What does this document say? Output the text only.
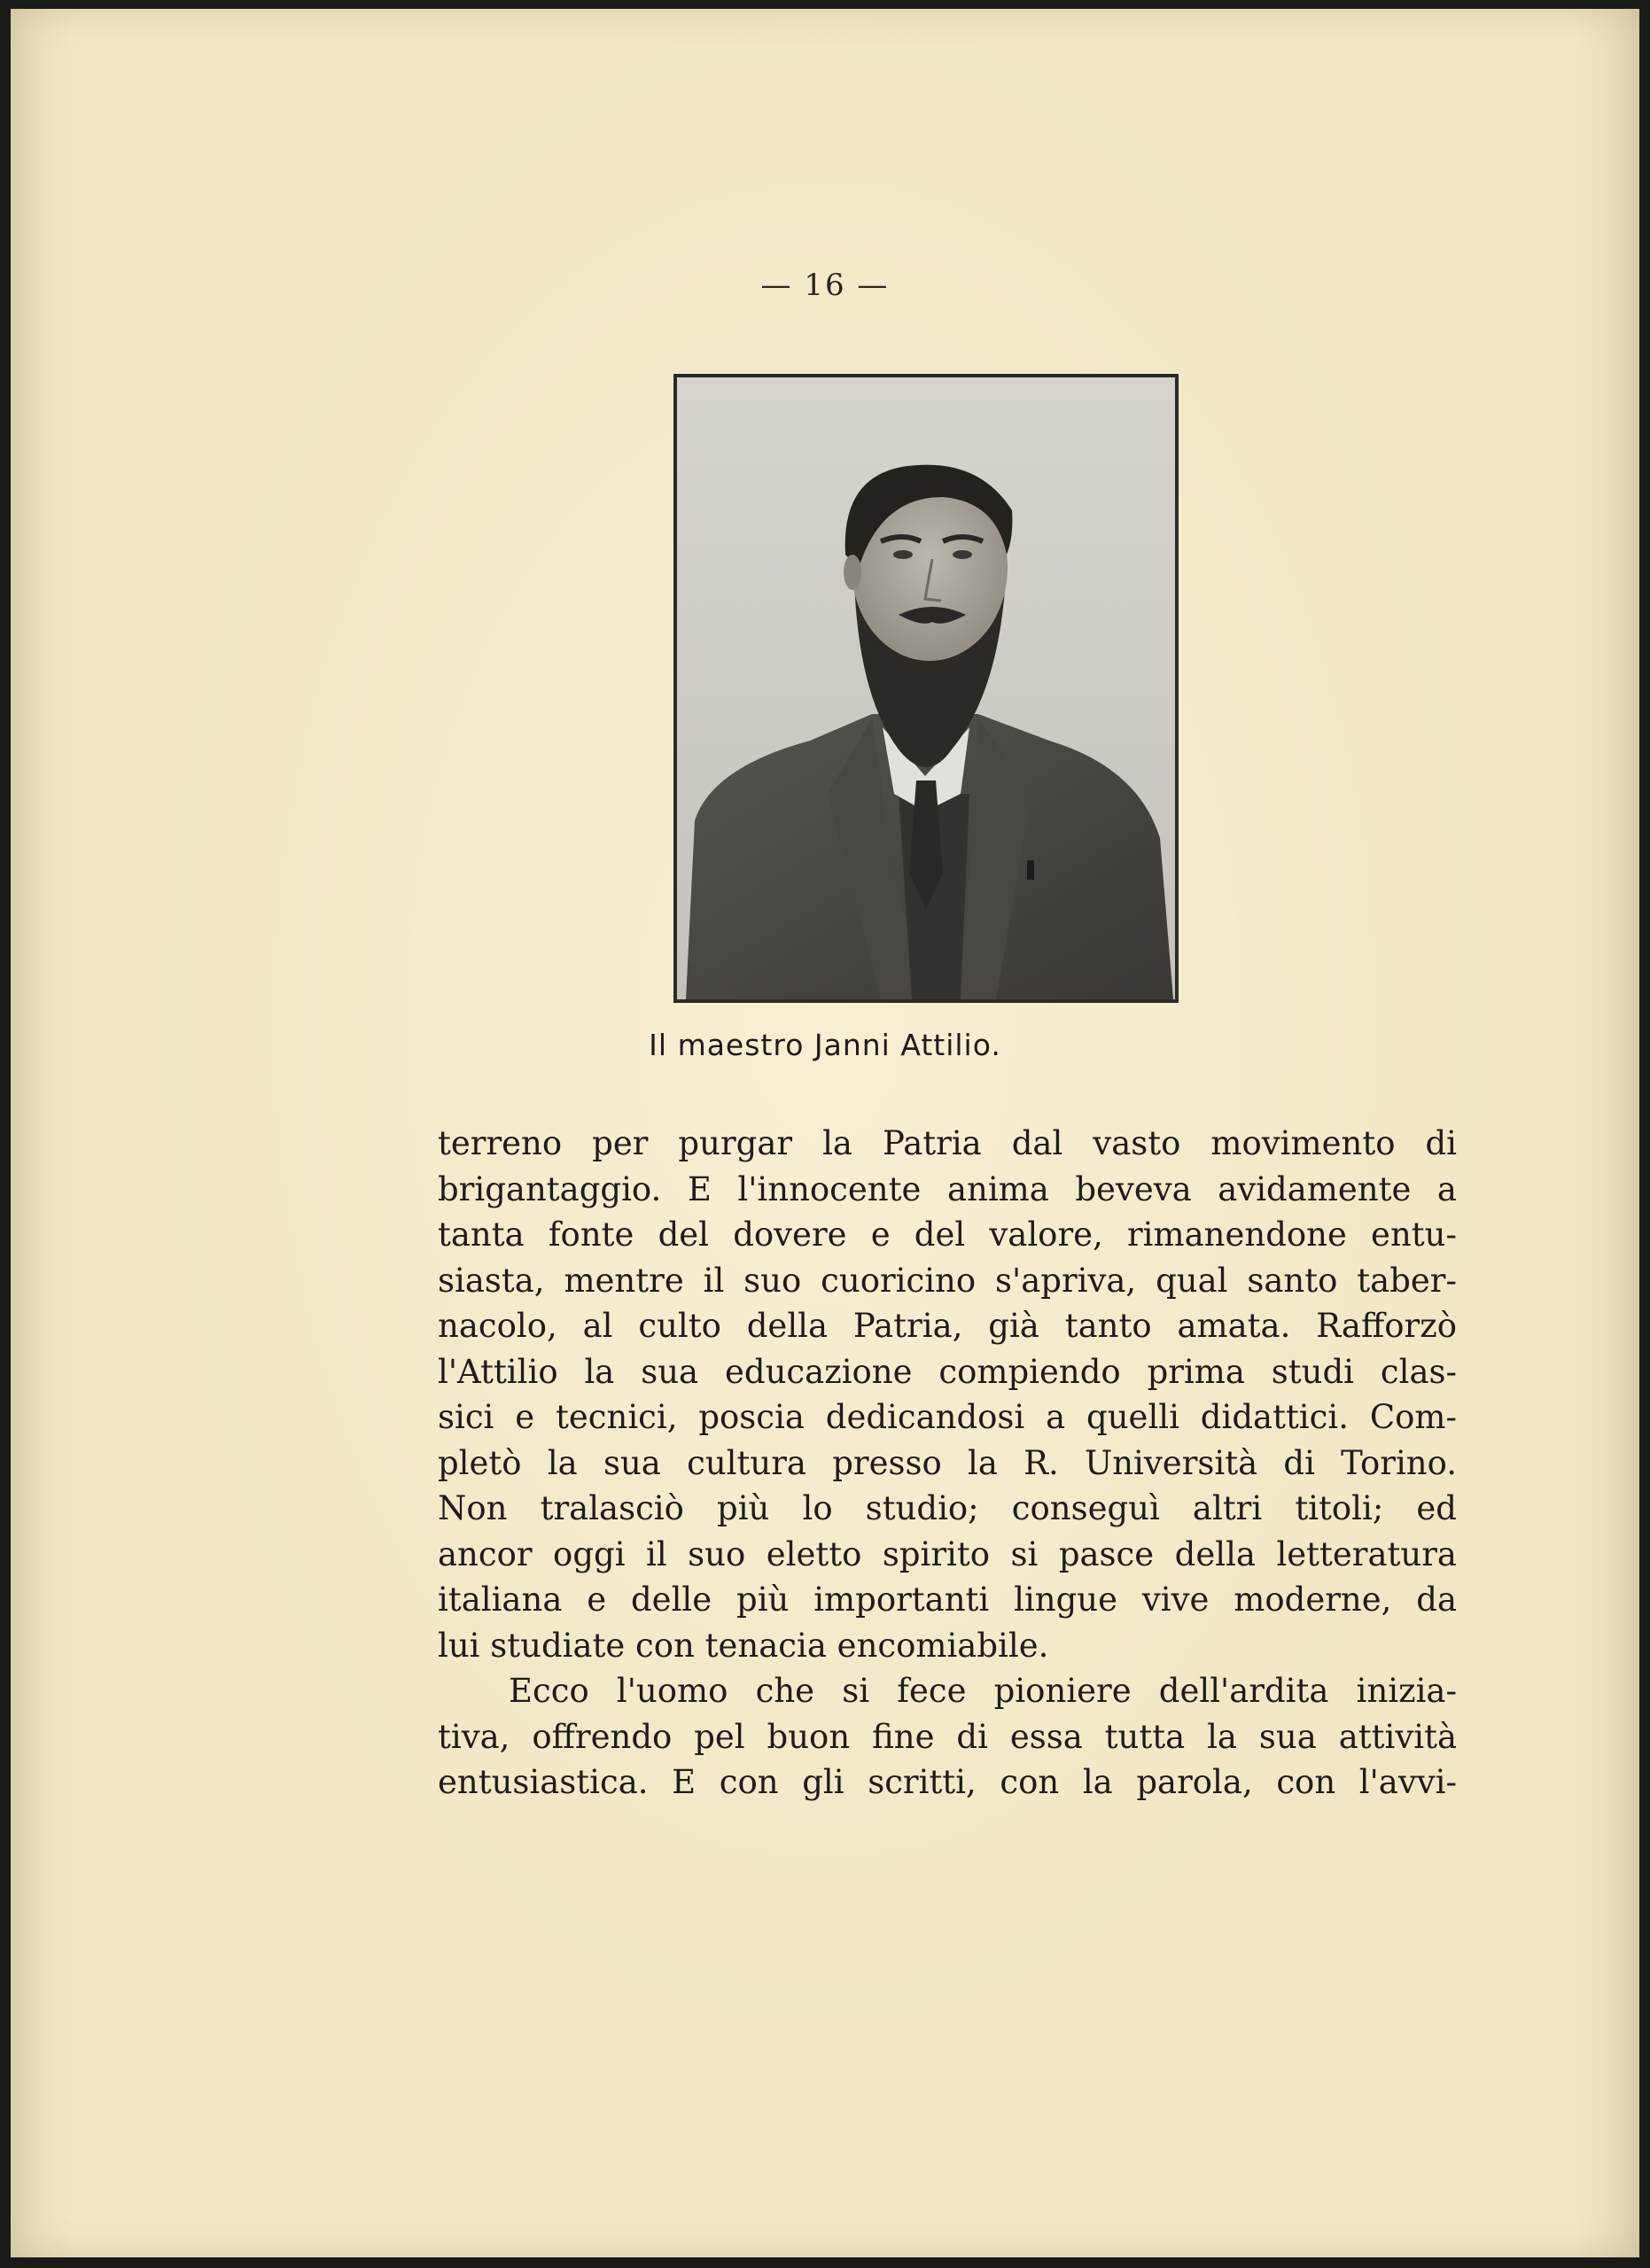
— 16 —
Il maestro Janni Attilio.
terreno per purgar la Patria dal vasto movimento di
brigantaggio. E l'innocente anima beveva avidamente a
tanta fonte del dovere e del valore, rimanendone entu-
siasta, mentre il suo cuoricino s'apriva, qual santo taber-
nacolo, al culto della Patria, già tanto amata. Rafforzò
l'Attilio la sua educazione compiendo prima studi clas-
sici e tecnici, poscia dedicandosi a quelli didattici. Com-
pletò la sua cultura presso la R. Università di Torino.
Non tralasciò più lo studio; conseguì altri titoli; ed
ancor oggi il suo eletto spirito si pasce della letteratura
italiana e delle più importanti lingue vive moderne, da
lui studiate con tenacia encomiabile.
Ecco l'uomo che si fece pioniere dell'ardita inizia-
tiva, offrendo pel buon fine di essa tutta la sua attività
entusiastica. E con gli scritti, con la parola, con l'avvi-
